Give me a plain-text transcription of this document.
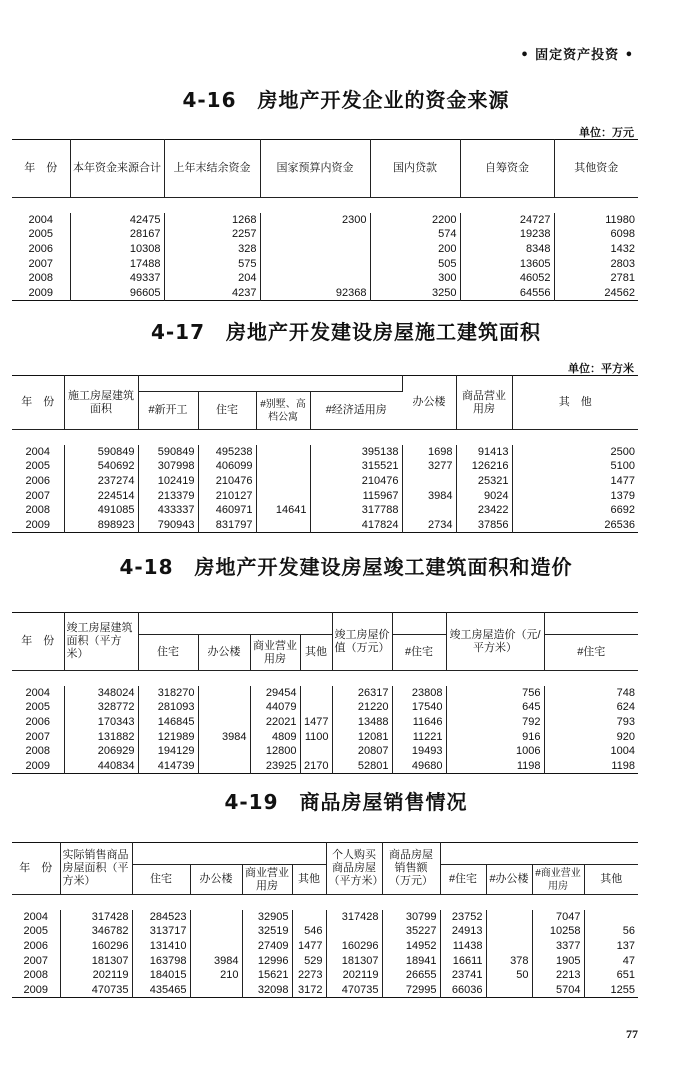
• 固定资产投资 •
4-16　房地产开发企业的资金来源
单位：万元
年　份	本年资金来源合计	上年末结余资金	国家预算内资金	国内贷款	自筹资金	其他资金

2004	42475	1268	2300	2200	24727	11980
2005	28167	2257		574	19238	6098
2006	10308	328		200	8348	1432
2007	17488	575		505	13605	2803
2008	49337	204		300	46052	2781
2009	96605	4237	92368	3250	64556	24562
4-17　房地产开发建设房屋施工建筑面积
单位：平方米
年　份	施工房屋建筑面积					办公楼	商品营业用房	其　他
		#新开工	住宅	#别墅、高档公寓	#经济适用房			

2004	590849	590849	495238		395138	1698	91413	2500
2005	540692	307998	406099		315521	3277	126216	5100
2006	237274	102419	210476		210476		25321	1477
2007	224514	213379	210127		115967	3984	9024	1379
2008	491085	433337	460971	14641	317788		23422	6692
2009	898923	790943	831797		417824	2734	37856	26536
4-18　房地产开发建设房屋竣工建筑面积和造价
年　份	竣工房屋建筑面积（平方米）					竣工房屋价值（万元）		竣工房屋造价（元/平方米）	
		住宅	办公楼	商业营业用房	其他		#住宅		#住宅

2004	348024	318270		29454		26317	23808	756	748
2005	328772	281093		44079		21220	17540	645	624
2006	170343	146845		22021	1477	13488	11646	792	793
2007	131882	121989	3984	4809	1100	12081	11221	916	920
2008	206929	194129		12800		20807	19493	1006	1004
2009	440834	414739		23925	2170	52801	49680	1198	1198
4-19　商品房屋销售情况
年　份	实际销售商品房屋面积（平方米）					个人购买商品房屋（平方米）	商品房屋销售额（万元）				
		住宅	办公楼	商业营业用房	其他			#住宅	#办公楼	#商业营业用房	其他

2004	317428	284523		32905		317428	30799	23752		7047	
2005	346782	313717		32519	546		35227	24913		10258	56
2006	160296	131410		27409	1477	160296	14952	11438		3377	137
2007	181307	163798	3984	12996	529	181307	18941	16611	378	1905	47
2008	202119	184015	210	15621	2273	202119	26655	23741	50	2213	651
2009	470735	435465		32098	3172	470735	72995	66036		5704	1255
77
